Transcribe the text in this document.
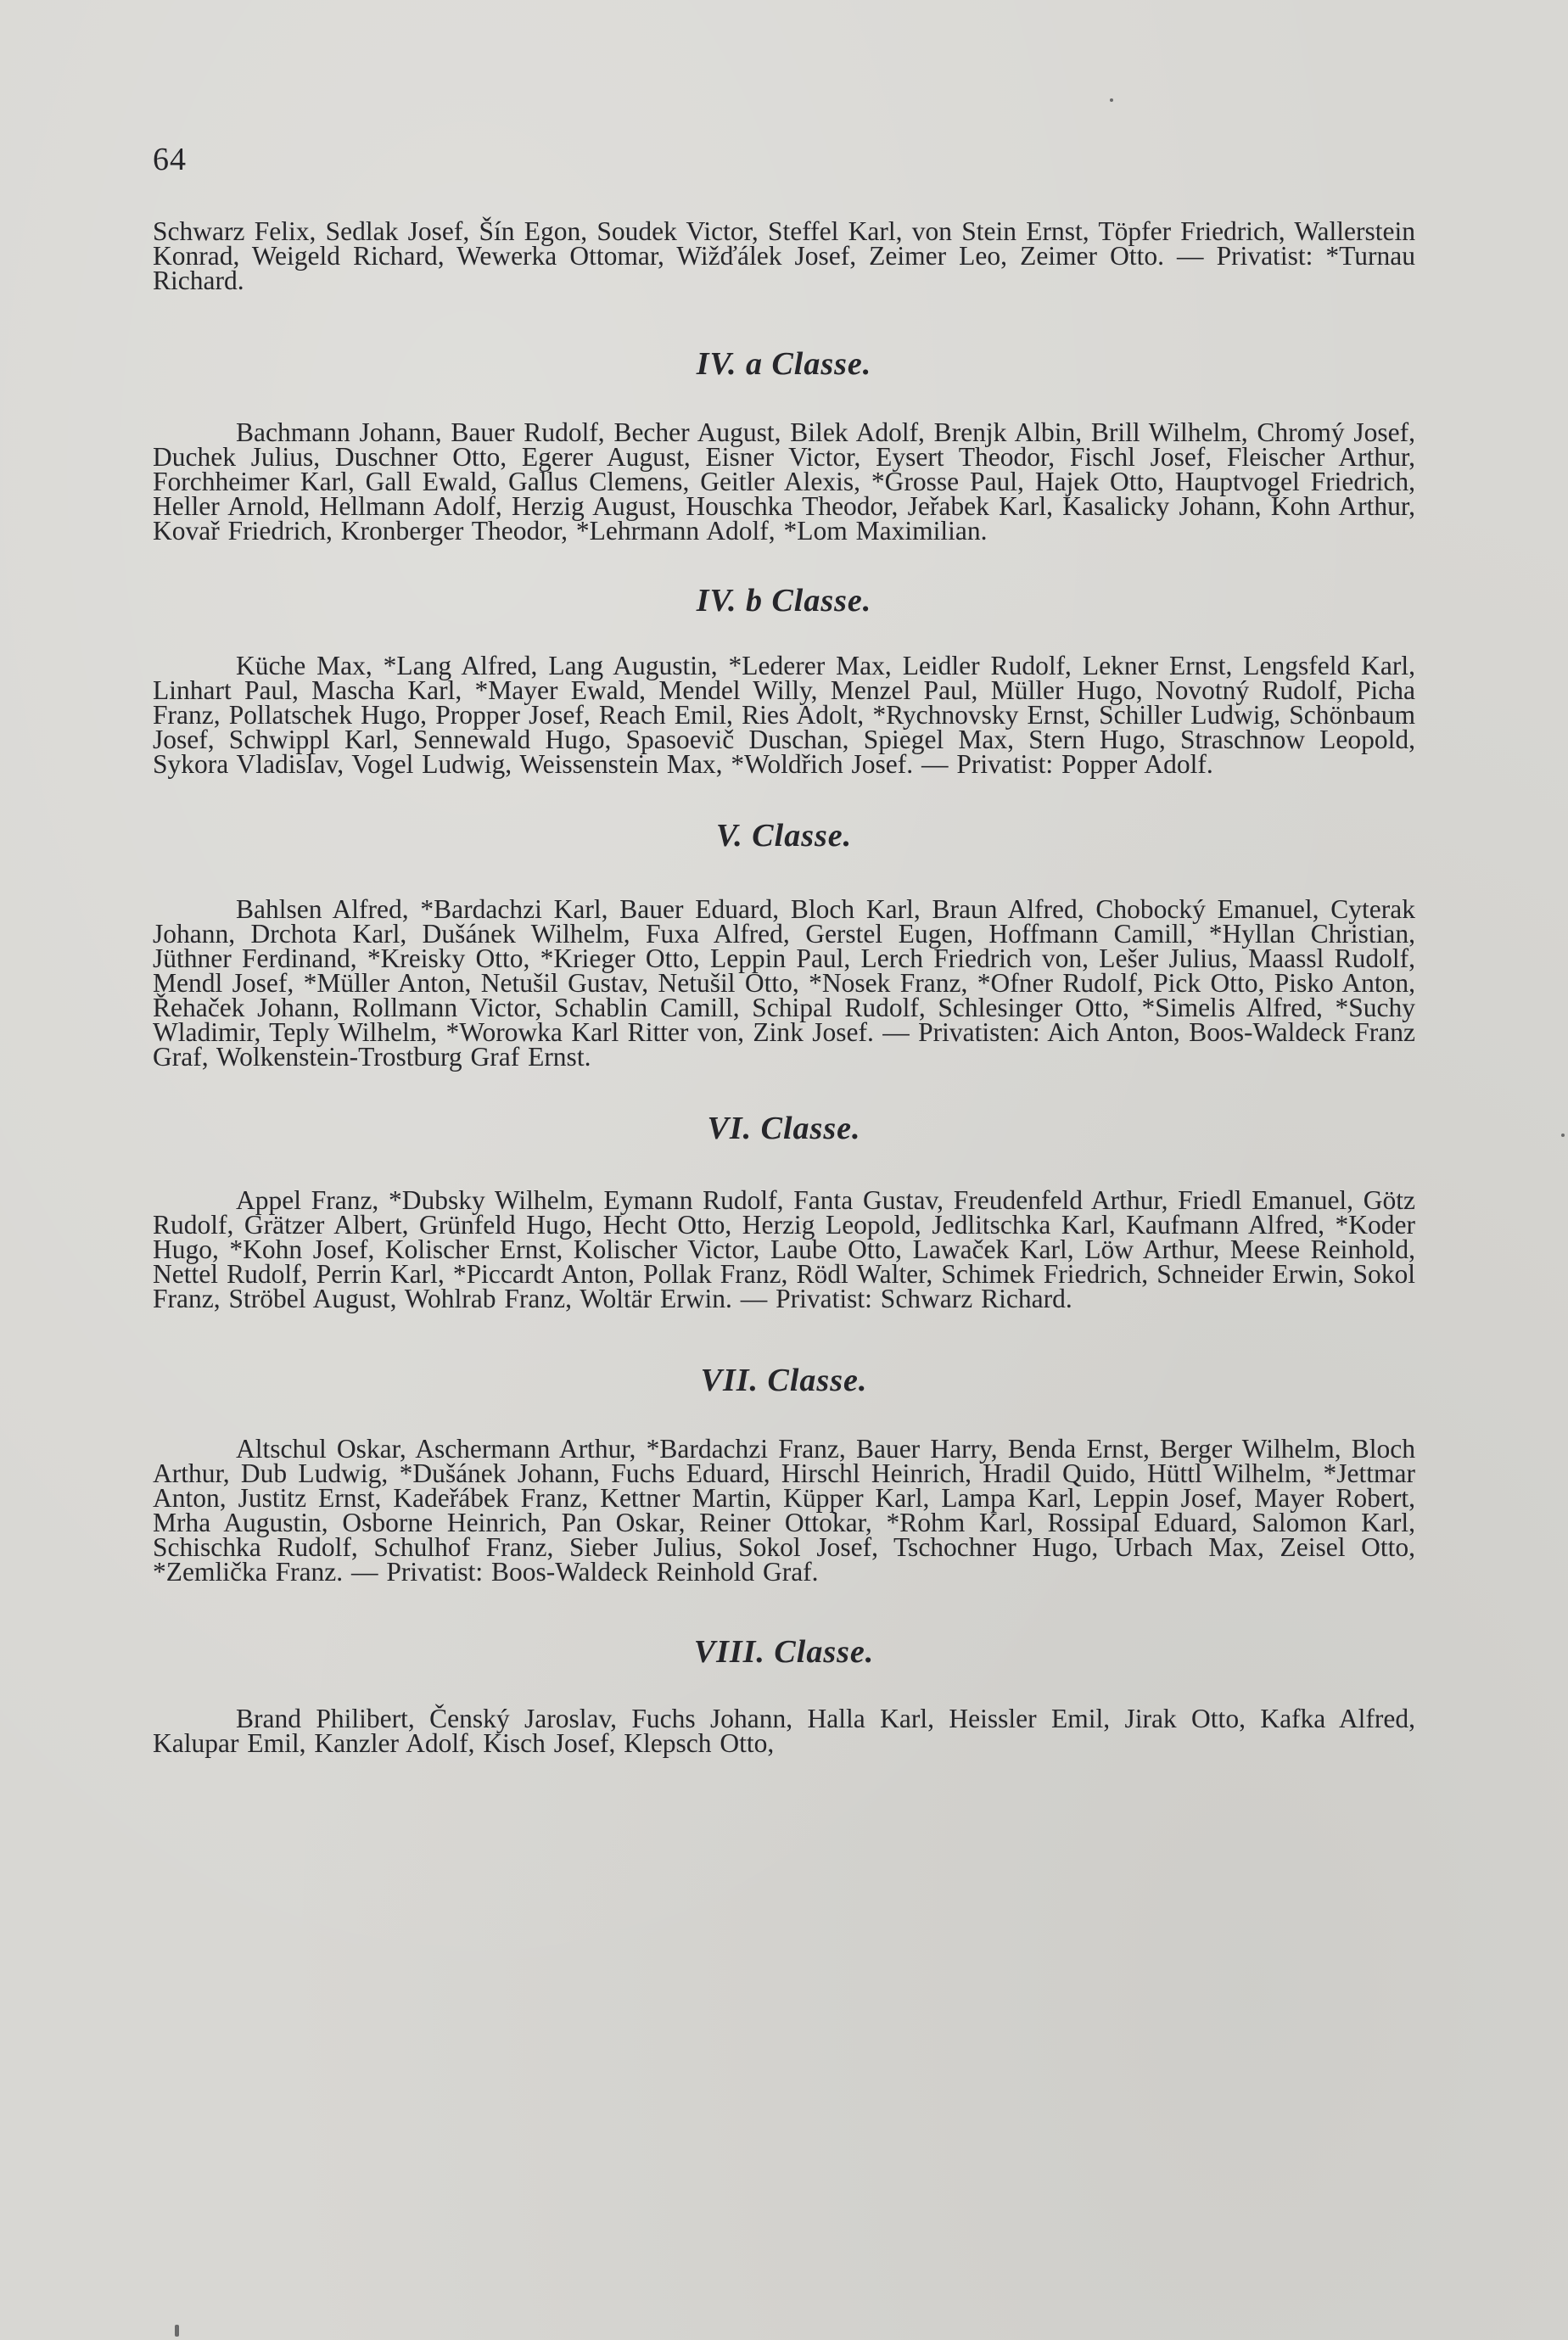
64

Schwarz Felix, Sedlak Josef, Šín Egon, Soudek Victor, Steffel Karl, von Stein Ernst, Töpfer Friedrich, Wallerstein Konrad, Weigeld Richard, Wewerka Ottomar, Wižďálek Josef, Zeimer Leo, Zeimer Otto. — Privatist: *Turnau Richard.

IV. a Classe.

Bachmann Johann, Bauer Rudolf, Becher August, Bilek Adolf, Brenjk Albin, Brill Wilhelm, Chromý Josef, Duchek Julius, Duschner Otto, Egerer August, Eisner Victor, Eysert Theodor, Fischl Josef, Fleischer Arthur, Forchheimer Karl, Gall Ewald, Gallus Clemens, Geitler Alexis, *Grosse Paul, Hajek Otto, Hauptvogel Friedrich, Heller Arnold, Hellmann Adolf, Herzig August, Houschka Theodor, Jeřabek Karl, Kasalicky Johann, Kohn Arthur, Kovař Friedrich, Kronberger Theodor, *Lehrmann Adolf, *Lom Maximilian.

IV. b Classe.

Küche Max, *Lang Alfred, Lang Augustin, *Lederer Max, Leidler Rudolf, Lekner Ernst, Lengsfeld Karl, Linhart Paul, Mascha Karl, *Mayer Ewald, Mendel Willy, Menzel Paul, Müller Hugo, Novotný Rudolf, Picha Franz, Pollatschek Hugo, Propper Josef, Reach Emil, Ries Adolt, *Rychnovsky Ernst, Schiller Ludwig, Schönbaum Josef, Schwippl Karl, Sennewald Hugo, Spasoevič Duschan, Spiegel Max, Stern Hugo, Straschnow Leopold, Sykora Vladislav, Vogel Ludwig, Weissenstein Max, *Woldřich Josef. — Privatist: Popper Adolf.

V. Classe.

Bahlsen Alfred, *Bardachzi Karl, Bauer Eduard, Bloch Karl, Braun Alfred, Chobocký Emanuel, Cyterak Johann, Drchota Karl, Dušánek Wilhelm, Fuxa Alfred, Gerstel Eugen, Hoffmann Camill, *Hyllan Christian, Jüthner Ferdinand, *Kreisky Otto, *Krieger Otto, Leppin Paul, Lerch Friedrich von, Lešer Julius, Maassl Rudolf, Mendl Josef, *Müller Anton, Netušil Gustav, Netušil Otto, *Nosek Franz, *Ofner Rudolf, Pick Otto, Pisko Anton, Řehaček Johann, Rollmann Victor, Schablin Camill, Schipal Rudolf, Schlesinger Otto, *Simelis Alfred, *Suchy Wladimir, Teply Wilhelm, *Worowka Karl Ritter von, Zink Josef. — Privatisten: Aich Anton, Boos-Waldeck Franz Graf, Wolkenstein-Trostburg Graf Ernst.

VI. Classe.

Appel Franz, *Dubsky Wilhelm, Eymann Rudolf, Fanta Gustav, Freudenfeld Arthur, Friedl Emanuel, Götz Rudolf, Grätzer Albert, Grünfeld Hugo, Hecht Otto, Herzig Leopold, Jedlitschka Karl, Kaufmann Alfred, *Koder Hugo, *Kohn Josef, Kolischer Ernst, Kolischer Victor, Laube Otto, Lawaček Karl, Löw Arthur, Meese Reinhold, Nettel Rudolf, Perrin Karl, *Piccardt Anton, Pollak Franz, Rödl Walter, Schimek Friedrich, Schneider Erwin, Sokol Franz, Ströbel August, Wohlrab Franz, Woltär Erwin. — Privatist: Schwarz Richard.

VII. Classe.

Altschul Oskar, Aschermann Arthur, *Bardachzi Franz, Bauer Harry, Benda Ernst, Berger Wilhelm, Bloch Arthur, Dub Ludwig, *Dušánek Johann, Fuchs Eduard, Hirschl Heinrich, Hradil Quido, Hüttl Wilhelm, *Jettmar Anton, Justitz Ernst, Kadeřábek Franz, Kettner Martin, Küpper Karl, Lampa Karl, Leppin Josef, Mayer Robert, Mrha Augustin, Osborne Heinrich, Pan Oskar, Reiner Ottokar, *Rohm Karl, Rossipal Eduard, Salomon Karl, Schischka Rudolf, Schulhof Franz, Sieber Julius, Sokol Josef, Tschochner Hugo, Urbach Max, Zeisel Otto, *Zemlička Franz. — Privatist: Boos-Waldeck Reinhold Graf.

VIII. Classe.

Brand Philibert, Čenský Jaroslav, Fuchs Johann, Halla Karl, Heissler Emil, Jirak Otto, Kafka Alfred, Kalupar Emil, Kanzler Adolf, Kisch Josef, Klepsch Otto,
